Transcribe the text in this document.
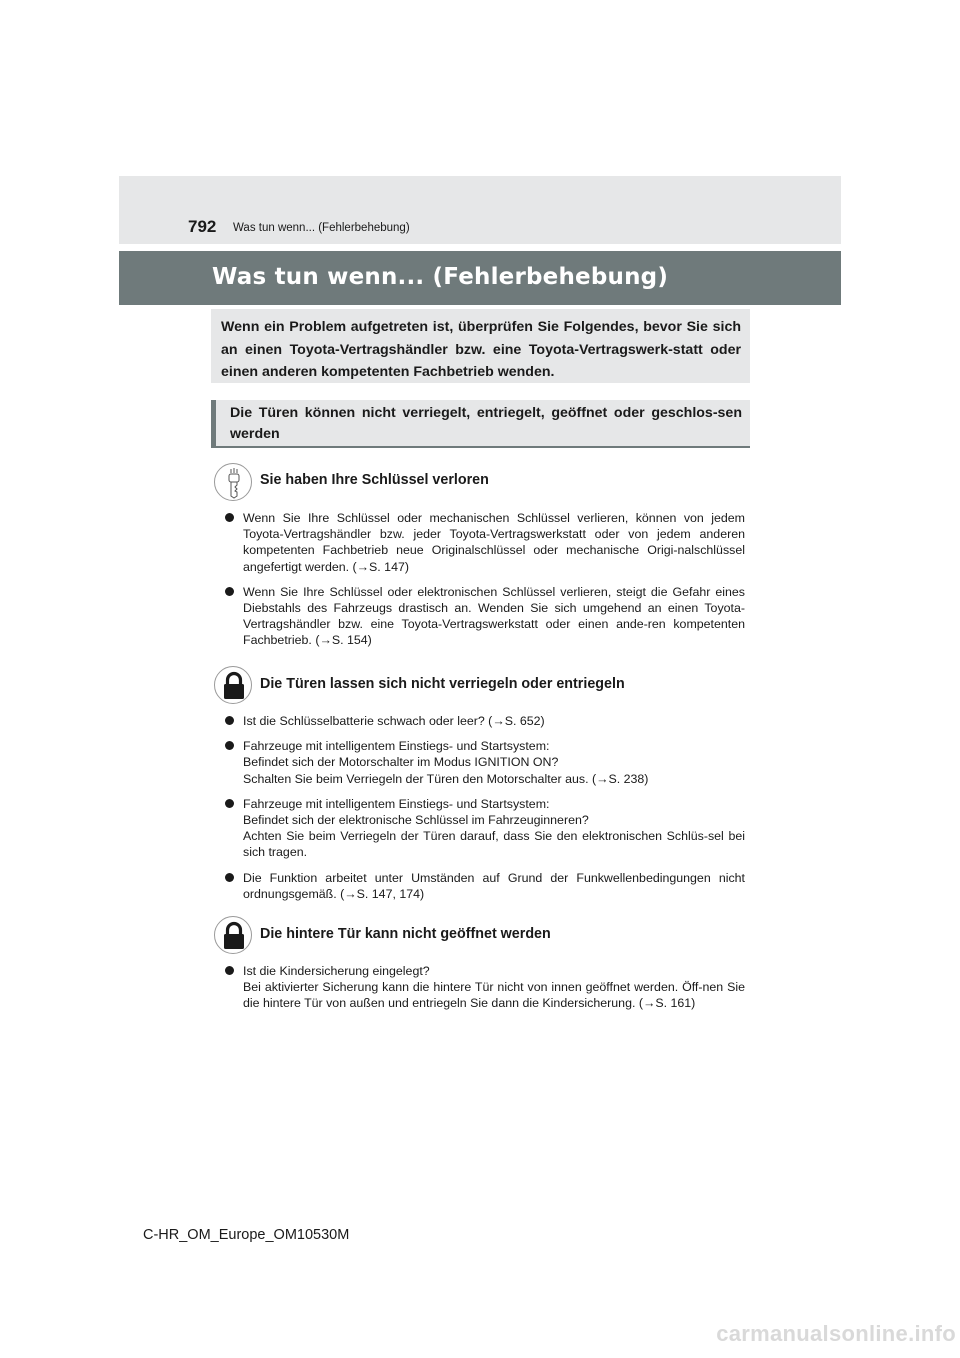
792 Was tun wenn... (Fehlerbehebung)
Was tun wenn... (Fehlerbehebung)
Wenn ein Problem aufgetreten ist, überprüfen Sie Folgendes, bevor Sie sich an einen Toyota-Vertragshändler bzw. eine Toyota-Vertragswerk-statt oder einen anderen kompetenten Fachbetrieb wenden.
Die Türen können nicht verriegelt, entriegelt, geöffnet oder geschlos-sen werden
Sie haben Ihre Schlüssel verloren
Wenn Sie Ihre Schlüssel oder mechanischen Schlüssel verlieren, können von jedem Toyota-Vertragshändler bzw. jeder Toyota-Vertragswerkstatt oder von jedem anderen kompetenten Fachbetrieb neue Originalschlüssel oder mechanische Origi-nalschlüssel angefertigt werden. (→S. 147)
Wenn Sie Ihre Schlüssel oder elektronischen Schlüssel verlieren, steigt die Gefahr eines Diebstahls des Fahrzeugs drastisch an. Wenden Sie sich umgehend an einen Toyota-Vertragshändler bzw. eine Toyota-Vertragswerkstatt oder einen ande-ren kompetenten Fachbetrieb. (→S. 154)
Die Türen lassen sich nicht verriegeln oder entriegeln
Ist die Schlüsselbatterie schwach oder leer? (→S. 652)
Fahrzeuge mit intelligentem Einstiegs- und Startsystem:
Befindet sich der Motorschalter im Modus IGNITION ON?
Schalten Sie beim Verriegeln der Türen den Motorschalter aus. (→S. 238)
Fahrzeuge mit intelligentem Einstiegs- und Startsystem:
Befindet sich der elektronische Schlüssel im Fahrzeuginneren?
Achten Sie beim Verriegeln der Türen darauf, dass Sie den elektronischen Schlüs-sel bei sich tragen.
Die Funktion arbeitet unter Umständen auf Grund der Funkwellenbedingungen nicht ordnungsgemäß. (→S. 147, 174)
Die hintere Tür kann nicht geöffnet werden
Ist die Kindersicherung eingelegt?
Bei aktivierter Sicherung kann die hintere Tür nicht von innen geöffnet werden. Öff-nen Sie die hintere Tür von außen und entriegeln Sie dann die Kindersicherung. (→S. 161)
C-HR_OM_Europe_OM10530M
carmanualsonline.info
